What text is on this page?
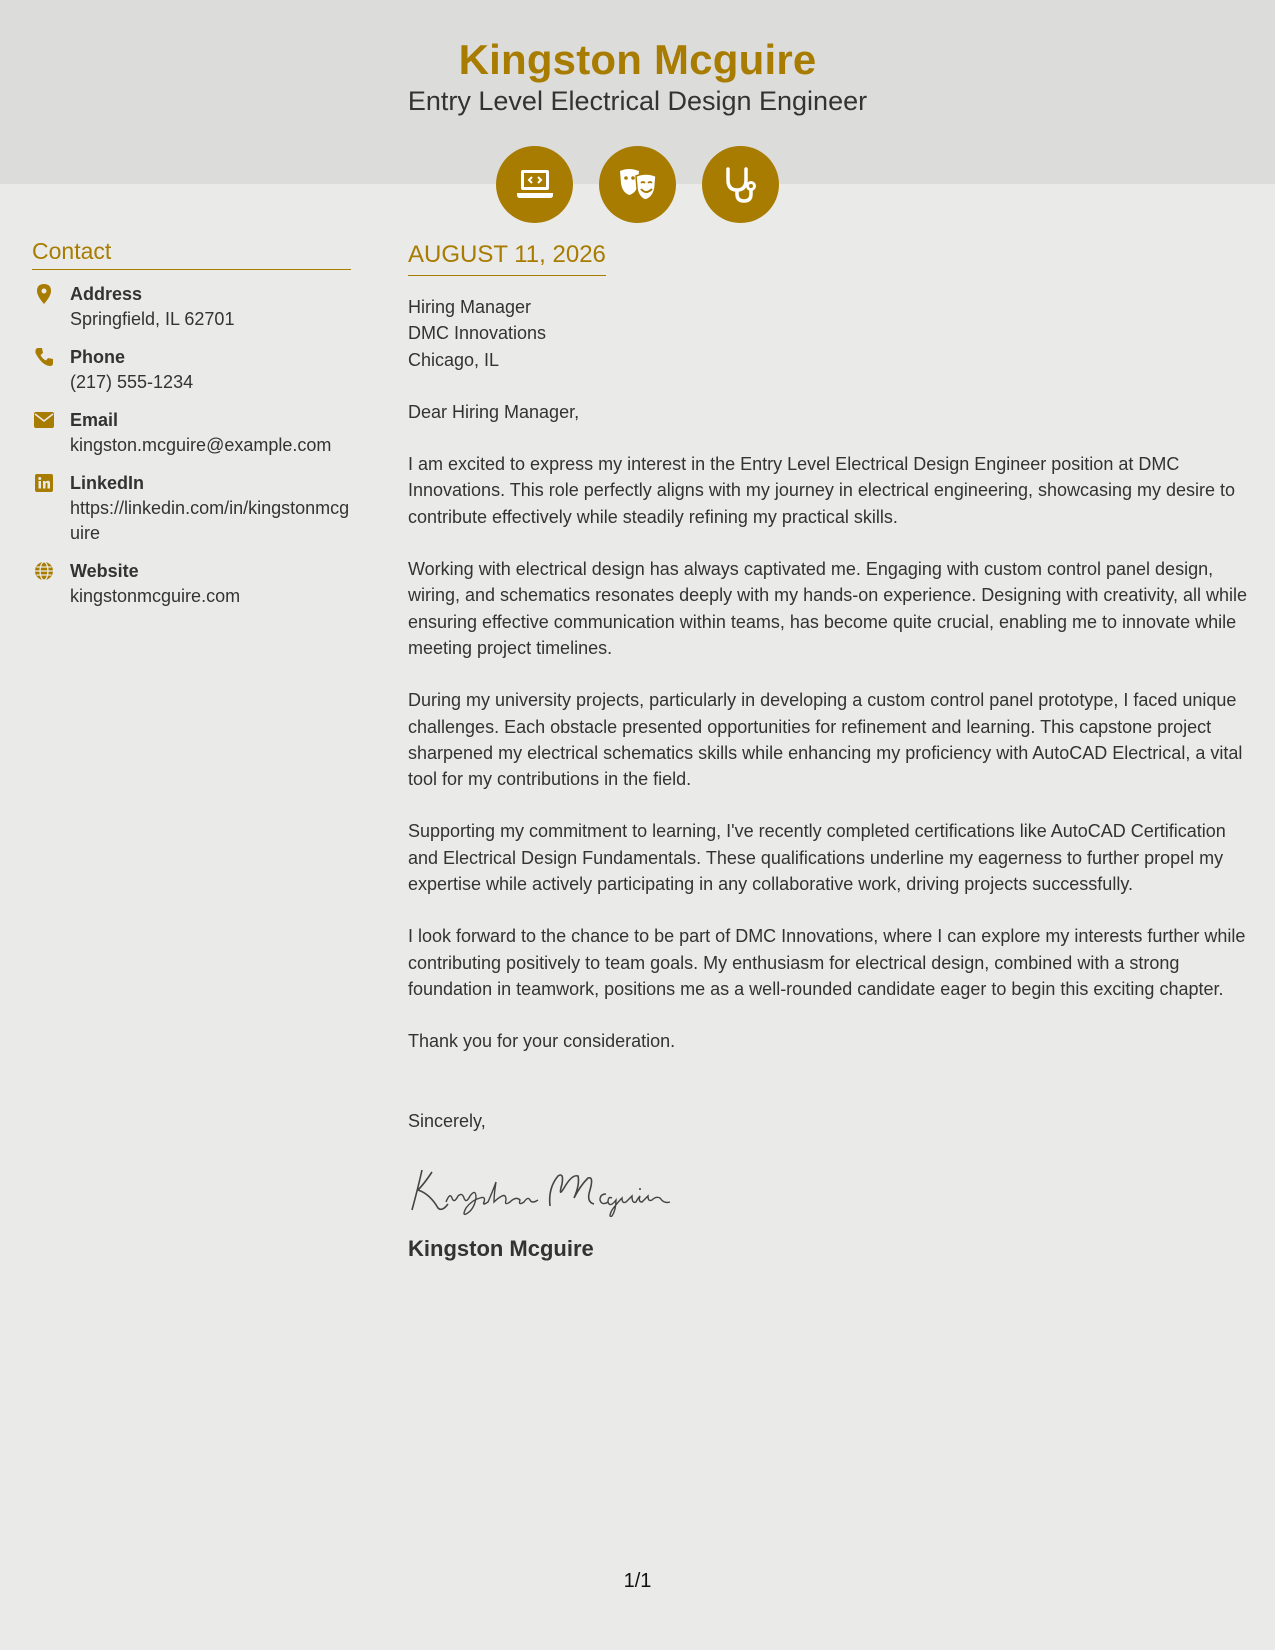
Kingston Mcguire
Entry Level Electrical Design Engineer
Contact
Address
Springfield, IL 62701
Phone
(217) 555-1234
Email
kingston.mcguire@example.com
LinkedIn
https://linkedin.com/in/kingstonmcguire
Website
kingstonmcguire.com
AUGUST 11, 2026
Hiring Manager
DMC Innovations
Chicago, IL
Dear Hiring Manager,
I am excited to express my interest in the Entry Level Electrical Design Engineer position at DMC Innovations. This role perfectly aligns with my journey in electrical engineering, showcasing my desire to contribute effectively while steadily refining my practical skills.
Working with electrical design has always captivated me. Engaging with custom control panel design, wiring, and schematics resonates deeply with my hands-on experience. Designing with creativity, all while ensuring effective communication within teams, has become quite crucial, enabling me to innovate while meeting project timelines.
During my university projects, particularly in developing a custom control panel prototype, I faced unique challenges. Each obstacle presented opportunities for refinement and learning. This capstone project sharpened my electrical schematics skills while enhancing my proficiency with AutoCAD Electrical, a vital tool for my contributions in the field.
Supporting my commitment to learning, I've recently completed certifications like AutoCAD Certification and Electrical Design Fundamentals. These qualifications underline my eagerness to further propel my expertise while actively participating in any collaborative work, driving projects successfully.
I look forward to the chance to be part of DMC Innovations, where I can explore my interests further while contributing positively to team goals. My enthusiasm for electrical design, combined with a strong foundation in teamwork, positions me as a well-rounded candidate eager to begin this exciting chapter.
Thank you for your consideration.
Sincerely,
Kingston Mcguire
1/1
